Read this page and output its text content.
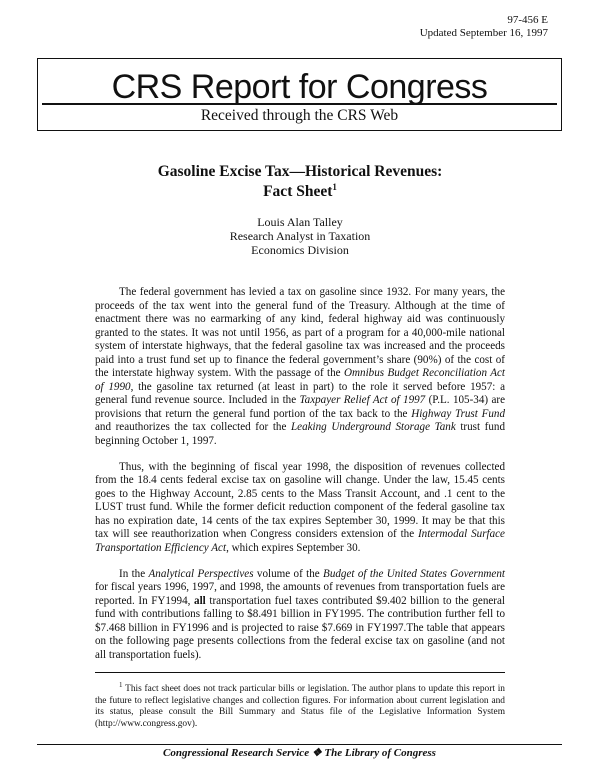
97-456 E
Updated September 16, 1997
CRS Report for Congress
Received through the CRS Web
Gasoline Excise Tax—Historical Revenues:
Fact Sheet$^1$
Louis Alan Talley
Research Analyst in Taxation
Economics Division

The federal government has levied a tax on gasoline since 1932. For many years, the proceeds of the tax went into the general fund of the Treasury. Although at the time of enactment there was no earmarking of any kind, federal highway aid was continuously granted to the states. It was not until 1956, as part of a program for a 40,000-mile national system of interstate highways, that the federal gasoline tax was increased and the proceeds paid into a trust fund set up to finance the federal government’s share (90%) of the cost of the interstate highway system. With the passage of the Omnibus Budget Reconciliation Act of 1990, the gasoline tax returned (at least in part) to the role it served before 1957: a general fund revenue source. Included in the Taxpayer Relief Act of 1997 (P.L. 105-34) are provisions that return the general fund portion of the tax back to the Highway Trust Fund and reauthorizes the tax collected for the Leaking Underground Storage Tank trust fund beginning October 1, 1997.

Thus, with the beginning of fiscal year 1998, the disposition of revenues collected from the 18.4 cents federal excise tax on gasoline will change. Under the law, 15.45 cents goes to the Highway Account, 2.85 cents to the Mass Transit Account, and .1 cent to the LUST trust fund. While the former deficit reduction component of the federal gasoline tax has no expiration date, 14 cents of the tax expires September 30, 1999. It may be that this tax will see reauthorization when Congress considers extension of the Intermodal Surface Transportation Efficiency Act, which expires September 30.

In the Analytical Perspectives volume of the Budget of the United States Government for fiscal years 1996, 1997, and 1998, the amounts of revenues from transportation fuels are reported. In FY1994, all transportation fuel taxes contributed $9.402 billion to the general fund with contributions falling to $8.491 billion in FY1995. The contribution further fell to $7.468 billion in FY1996 and is projected to raise $7.669 in FY1997.The table that appears on the following page presents collections from the federal excise tax on gasoline (and not all transportation fuels).

$^1$ This fact sheet does not track particular bills or legislation. The author plans to update this report in the future to reflect legislative changes and collection figures. For information about current legislation and its status, please consult the Bill Summary and Status file of the Legislative Information System (http://www.congress.gov).

Congressional Research Service ❖ The Library of Congress
